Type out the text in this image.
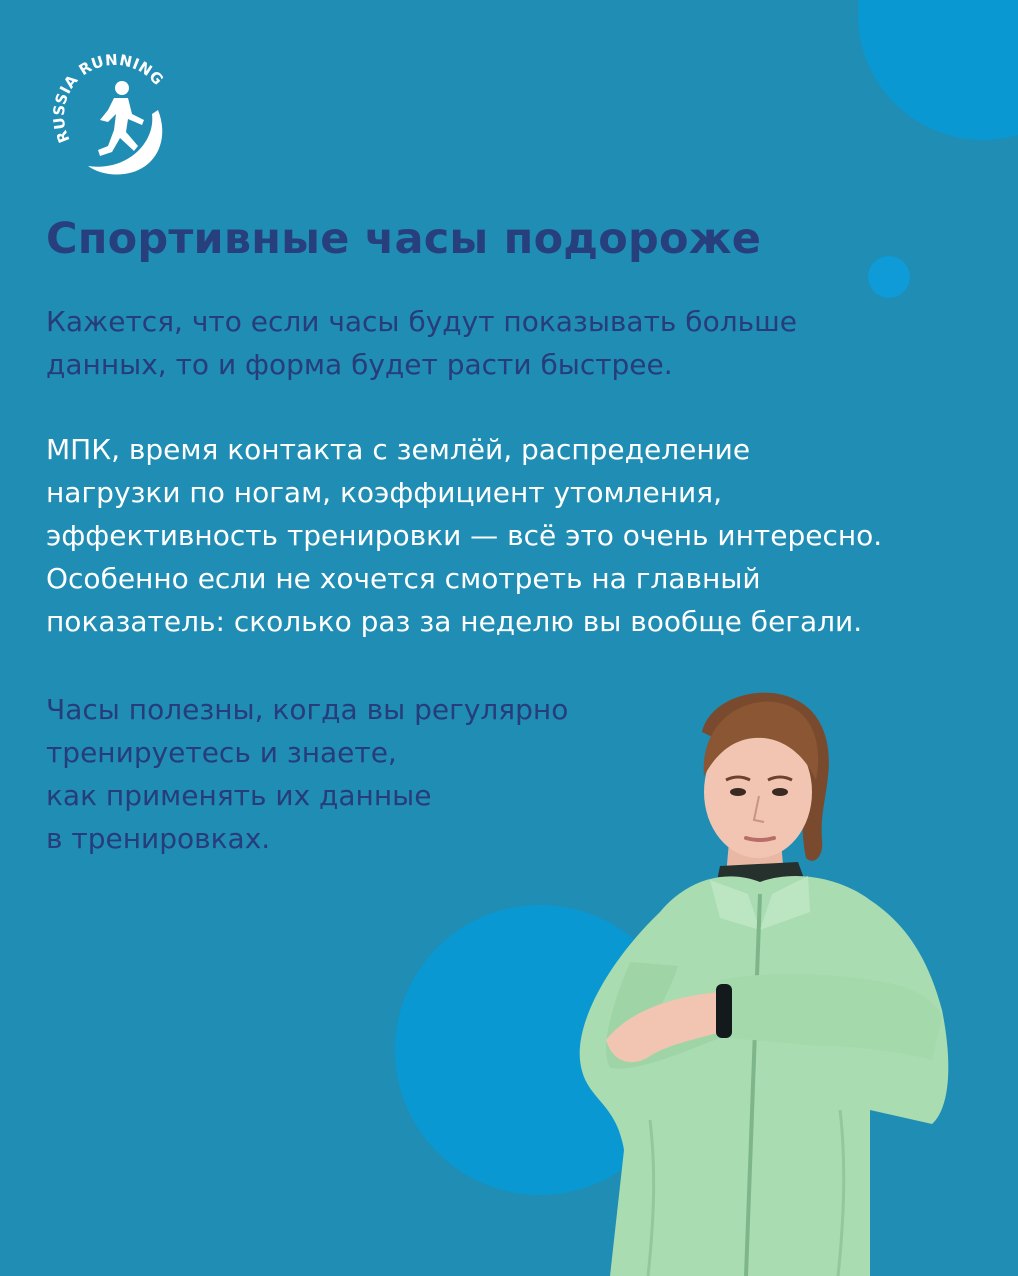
RUSSIA RUNNING
Спортивные часы подороже

Кажется, что если часы будут показывать больше
данных, то и форма будет расти быстрее.

МПК, время контакта с землёй, распределение
нагрузки по ногам, коэффициент утомления,
эффективность тренировки — всё это очень интересно.
Особенно если не хочется смотреть на главный
показатель: сколько раз за неделю вы вообще бегали.

Часы полезны, когда вы регулярно
тренируетесь и знаете,
как применять их данные
в тренировках.
